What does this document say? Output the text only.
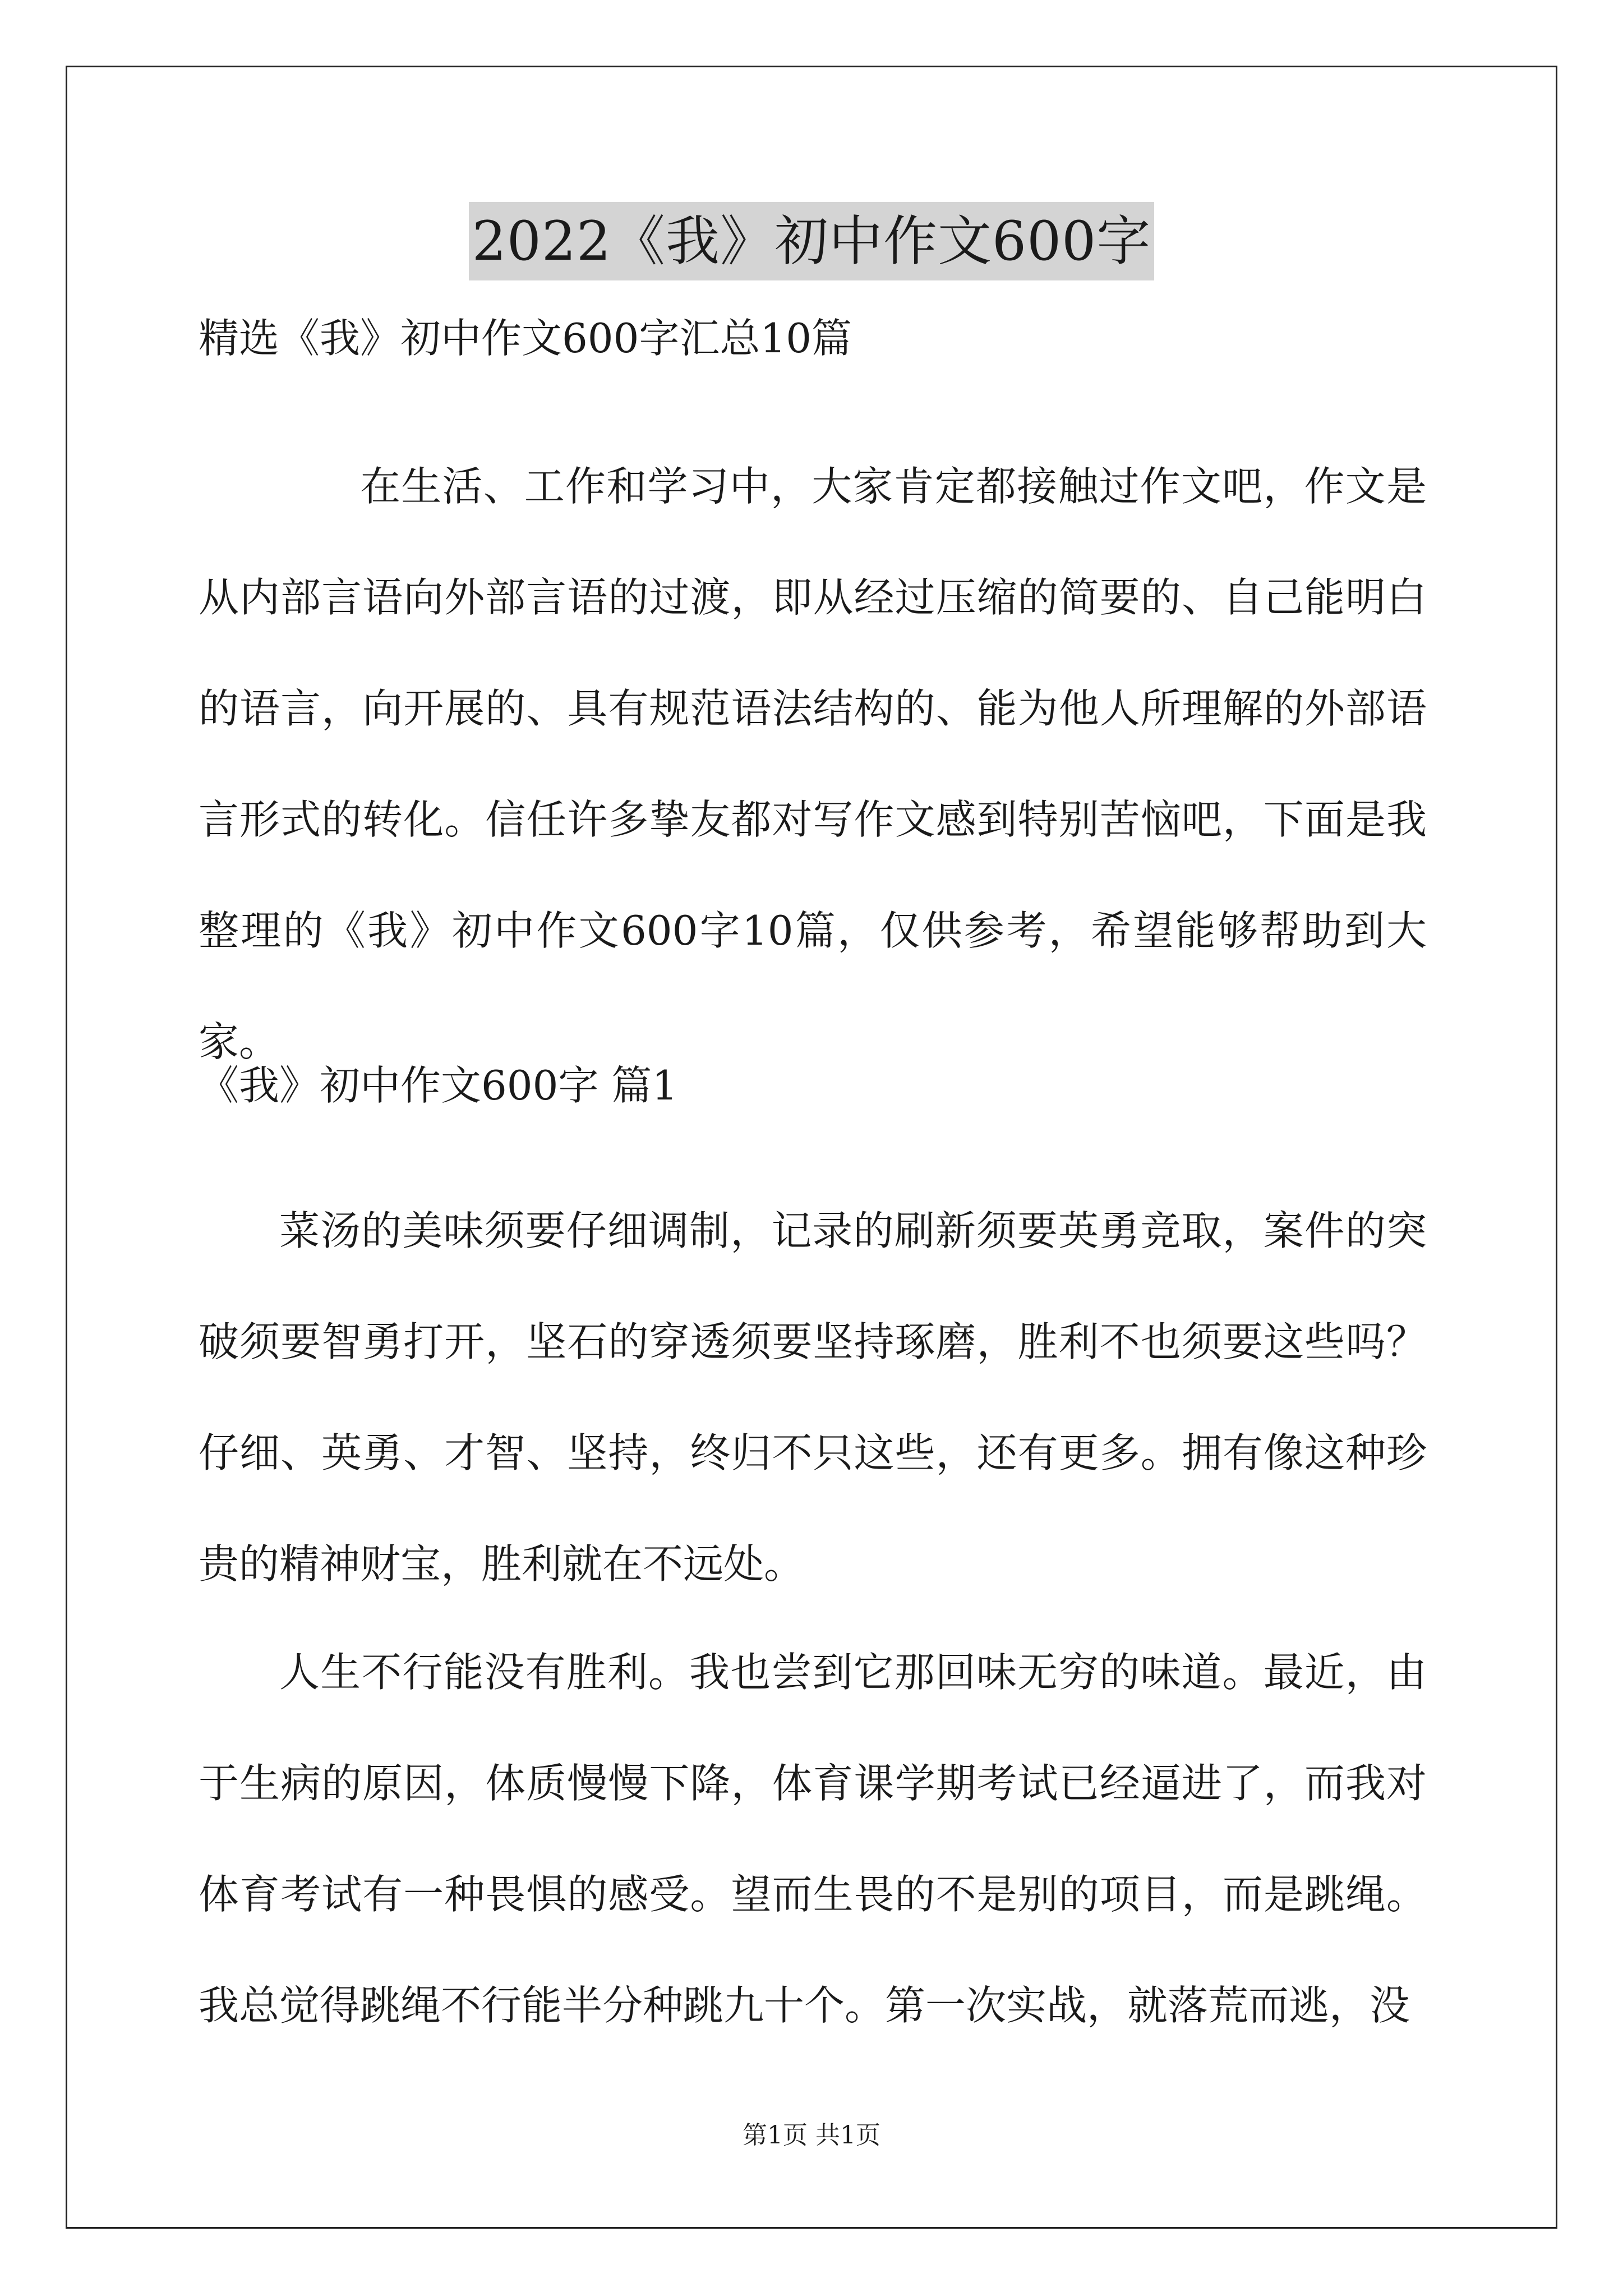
2022《我》初中作文600字
精选《我》初中作文600字汇总10篇
在生活、工作和学习中，大家肯定都接触过作文吧，作文是从内部言语向外部言语的过渡，即从经过压缩的简要的、自己能明白的语言，向开展的、具有规范语法结构的、能为他人所理解的外部语言形式的转化。信任许多挚友都对写作文感到特别苦恼吧，下面是我整理的《我》初中作文600字10篇，仅供参考，希望能够帮助到大家。
《我》初中作文600字 篇1
菜汤的美味须要仔细调制，记录的刷新须要英勇竞取，案件的突破须要智勇打开，坚石的穿透须要坚持琢磨，胜利不也须要这些吗？仔细、英勇、才智、坚持，终归不只这些，还有更多。拥有像这种珍贵的精神财宝，胜利就在不远处。
人生不行能没有胜利。我也尝到它那回味无穷的味道。最近，由于生病的原因，体质慢慢下降，体育课学期考试已经逼进了，而我对体育考试有一种畏惧的感受。望而生畏的不是别的项目，而是跳绳。我总觉得跳绳不行能半分种跳九十个。第一次实战，就落荒而逃，没
第1页 共1页
